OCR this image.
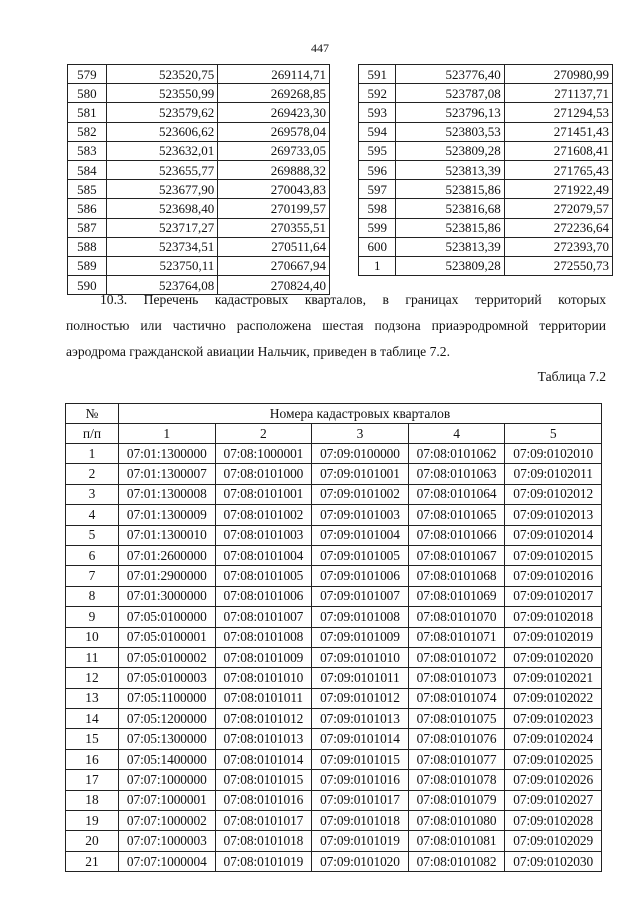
447
579	523520,75	269114,71
580	523550,99	269268,85
581	523579,62	269423,30
582	523606,62	269578,04
583	523632,01	269733,05
584	523655,77	269888,32
585	523677,90	270043,83
586	523698,40	270199,57
587	523717,27	270355,51
588	523734,51	270511,64
589	523750,11	270667,94
590	523764,08	270824,40
591	523776,40	270980,99
592	523787,08	271137,71
593	523796,13	271294,53
594	523803,53	271451,43
595	523809,28	271608,41
596	523813,39	271765,43
597	523815,86	271922,49
598	523816,68	272079,57
599	523815,86	272236,64
600	523813,39	272393,70
1	523809,28	272550,73
10.3. Перечень кадастровых кварталов, в границах территорий которых
полностью или частично расположена шестая подзона приаэродромной территории
аэродрома гражданской авиации Нальчик, приведен в таблице 7.2.
Таблица 7.2
№	Номера кадастровых кварталов				
п/п	1	2	3	4	5
1	07:01:1300000	07:08:1000001	07:09:0100000	07:08:0101062	07:09:0102010
2	07:01:1300007	07:08:0101000	07:09:0101001	07:08:0101063	07:09:0102011
3	07:01:1300008	07:08:0101001	07:09:0101002	07:08:0101064	07:09:0102012
4	07:01:1300009	07:08:0101002	07:09:0101003	07:08:0101065	07:09:0102013
5	07:01:1300010	07:08:0101003	07:09:0101004	07:08:0101066	07:09:0102014
6	07:01:2600000	07:08:0101004	07:09:0101005	07:08:0101067	07:09:0102015
7	07:01:2900000	07:08:0101005	07:09:0101006	07:08:0101068	07:09:0102016
8	07:01:3000000	07:08:0101006	07:09:0101007	07:08:0101069	07:09:0102017
9	07:05:0100000	07:08:0101007	07:09:0101008	07:08:0101070	07:09:0102018
10	07:05:0100001	07:08:0101008	07:09:0101009	07:08:0101071	07:09:0102019
11	07:05:0100002	07:08:0101009	07:09:0101010	07:08:0101072	07:09:0102020
12	07:05:0100003	07:08:0101010	07:09:0101011	07:08:0101073	07:09:0102021
13	07:05:1100000	07:08:0101011	07:09:0101012	07:08:0101074	07:09:0102022
14	07:05:1200000	07:08:0101012	07:09:0101013	07:08:0101075	07:09:0102023
15	07:05:1300000	07:08:0101013	07:09:0101014	07:08:0101076	07:09:0102024
16	07:05:1400000	07:08:0101014	07:09:0101015	07:08:0101077	07:09:0102025
17	07:07:1000000	07:08:0101015	07:09:0101016	07:08:0101078	07:09:0102026
18	07:07:1000001	07:08:0101016	07:09:0101017	07:08:0101079	07:09:0102027
19	07:07:1000002	07:08:0101017	07:09:0101018	07:08:0101080	07:09:0102028
20	07:07:1000003	07:08:0101018	07:09:0101019	07:08:0101081	07:09:0102029
21	07:07:1000004	07:08:0101019	07:09:0101020	07:08:0101082	07:09:0102030
